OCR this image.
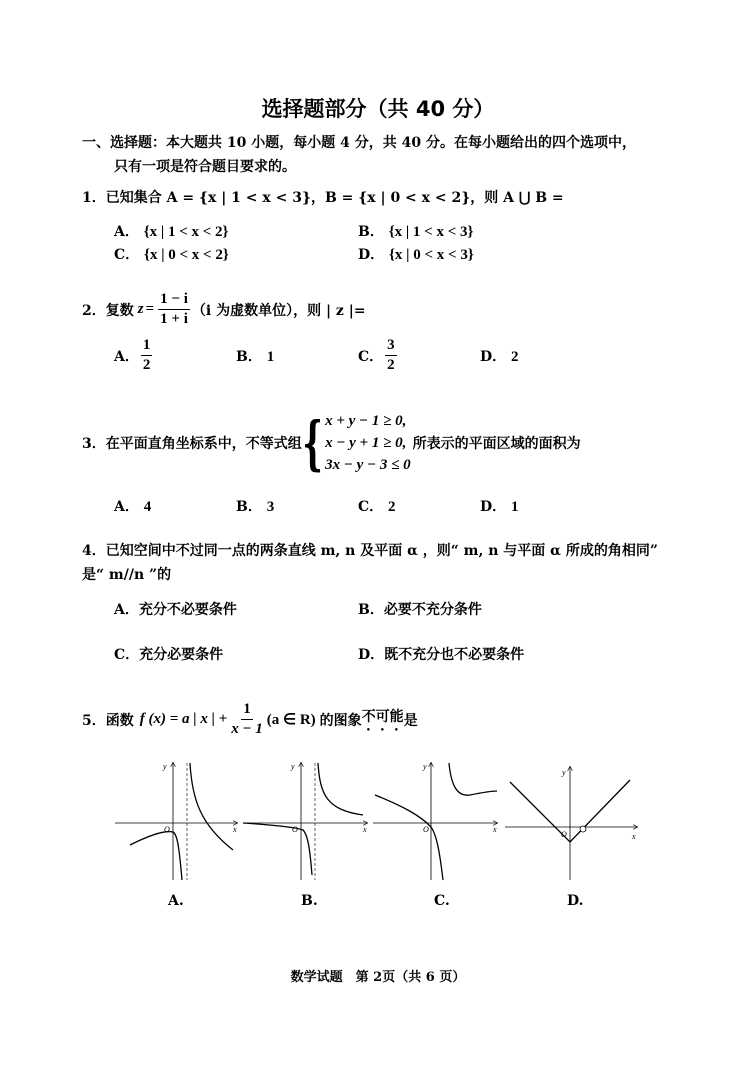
选择题部分（共 40 分）
一、选择题：本大题共 10 小题，每小题 4 分，共 40 分。在每小题给出的四个选项中，
只有一项是符合题目要求的。
1．已知集合 A = {x | 1 < x < 3}，B = {x | 0 < x < 2}，则 A ⋃ B =
A． {x | 1 < x < 2}	B． {x | 1 < x < 3}
C． {x | 0 < x < 2}	D． {x | 0 < x < 3}
2． 复数 $z = \frac{1 - i}{1 + i} (i$ 为虚数单位），则 | z |=
A． $\frac{1}{2}$	B． 1	C． $\frac{3}{2}$	D． 2
3． 在平面直角坐标系中，不等式组 { x + y − 1 ≥ 0,
x − y + 1 ≥ 0,
3x − y − 3 ≤ 0
所表示的平面区域的面积为
A． 4	B． 3	C． 2	D． 1
4．已知空间中不过同一点的两条直线 m, n 及平面 α ，则“ m, n 与平面 α 所成的角相同”
是“ m//n ”的
A．充分不必要条件	B．必要不充分条件
C．充分必要条件	D．既不充分也不必要条件
5． 函数 f (x) = a | x | + $\frac{1}{x - 1} (a$ ∈ R) 的图象 不可能 是
y
x
O
y
x
O
y
x
O
y
x
O
A.	B.	C.	D.
数学试题　第 2页（共 6 页）
